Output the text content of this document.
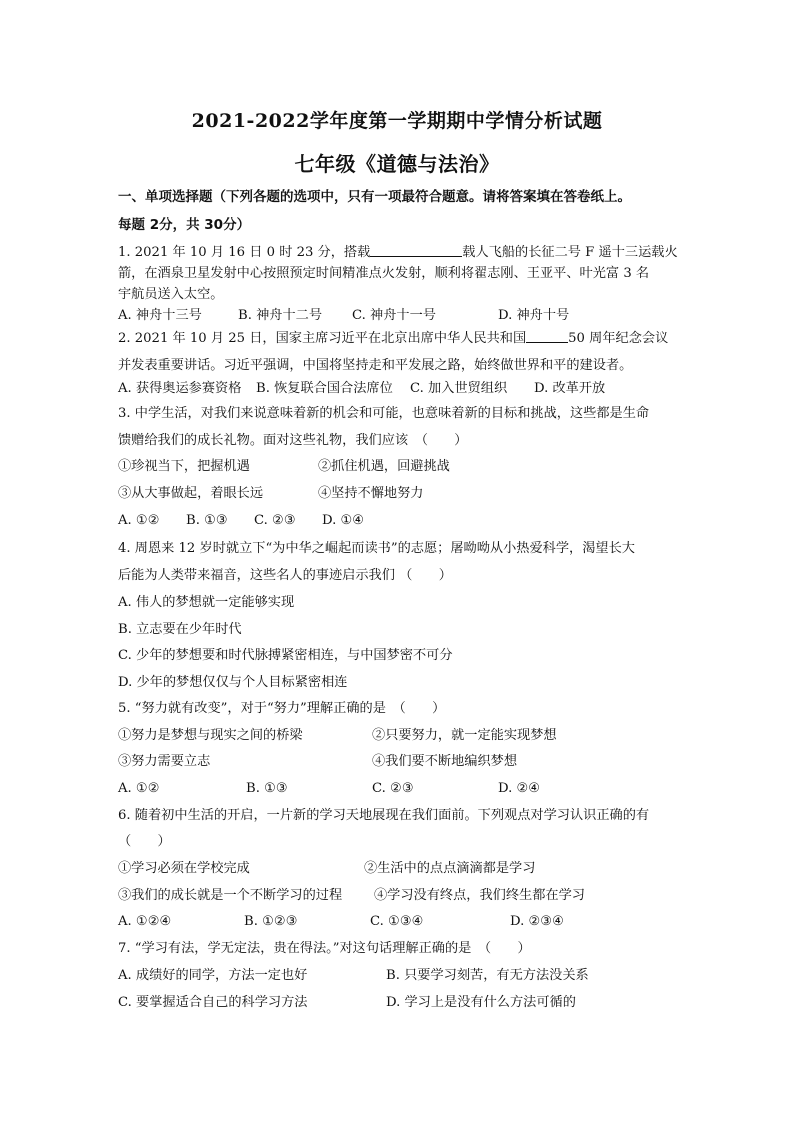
2021-2022学年度第一学期期中学情分析试题
七年级《道德与法治》
一、单项选择题（下列各题的选项中，只有一项最符合题意。请将答案填在答卷纸上。
每题 2分，共 30分）
1. 2021 年 10 月 16 日 0 时 23 分，搭载	载人飞船的长征二号 F 遥十三运载火
箭，在酒泉卫星发射中心按照预定时间精准点火发射，顺利将翟志刚、王亚平、叶光富 3 名
宇航员送入太空。
A. 神舟十三号	B. 神舟十二号 C. 神舟十一号	D. 神舟十号
2. 2021 年 10 月 25 日，国家主席习近平在北京出席中华人民共和国	50 周年纪念会议
并发表重要讲话。习近平强调，中国将坚持走和平发展之路，始终做世界和平的建设者。
A. 获得奥运参赛资格 B. 恢复联合国合法席位 C. 加入世贸组织 D. 改革开放
3. 中学生活，对我们来说意味着新的机会和可能，也意味着新的目标和挑战，这些都是生命
馈赠给我们的成长礼物。面对这些礼物，我们应该　（　　）
①珍视当下，把握机遇	②抓住机遇，回避挑战
③从大事做起，着眼长远	④坚持不懈地努力
A. ①② B. ①③ C. ②③ D. ①④
4. 周恩来 12 岁时就立下“为中华之崛起而读书”的志愿；屠呦呦从小热爱科学，渴望长大
后能为人类带来福音，这些名人的事迹启示我们 （　　）
A. 伟人的梦想就一定能够实现
B. 立志要在少年时代
C. 少年的梦想要和时代脉搏紧密相连，与中国梦密不可分
D. 少年的梦想仅仅与个人目标紧密相连
5. “努力就有改变”，对于“努力”理解正确的是　（　　）
①努力是梦想与现实之间的桥梁	②只要努力，就一定能实现梦想
③努力需要立志	④我们要不断地编织梦想
A. ①②	B. ①③	C. ②③	D. ②④
6. 随着初中生活的开启，一片新的学习天地展现在我们面前。下列观点对学习认识正确的有
（　　）
①学习必须在学校完成	②生活中的点点滴滴都是学习
③我们的成长就是一个不断学习的过程 ④学习没有终点，我们终生都在学习
A. ①②④	B. ①②③	C. ①③④	D. ②③④
7. “学习有法，学无定法，贵在得法。”对这句话理解正确的是　（　　）
A. 成绩好的同学，方法一定也好	B. 只要学习刻苦，有无方法没关系
C. 要掌握适合自己的科学习方法	D. 学习上是没有什么方法可循的
